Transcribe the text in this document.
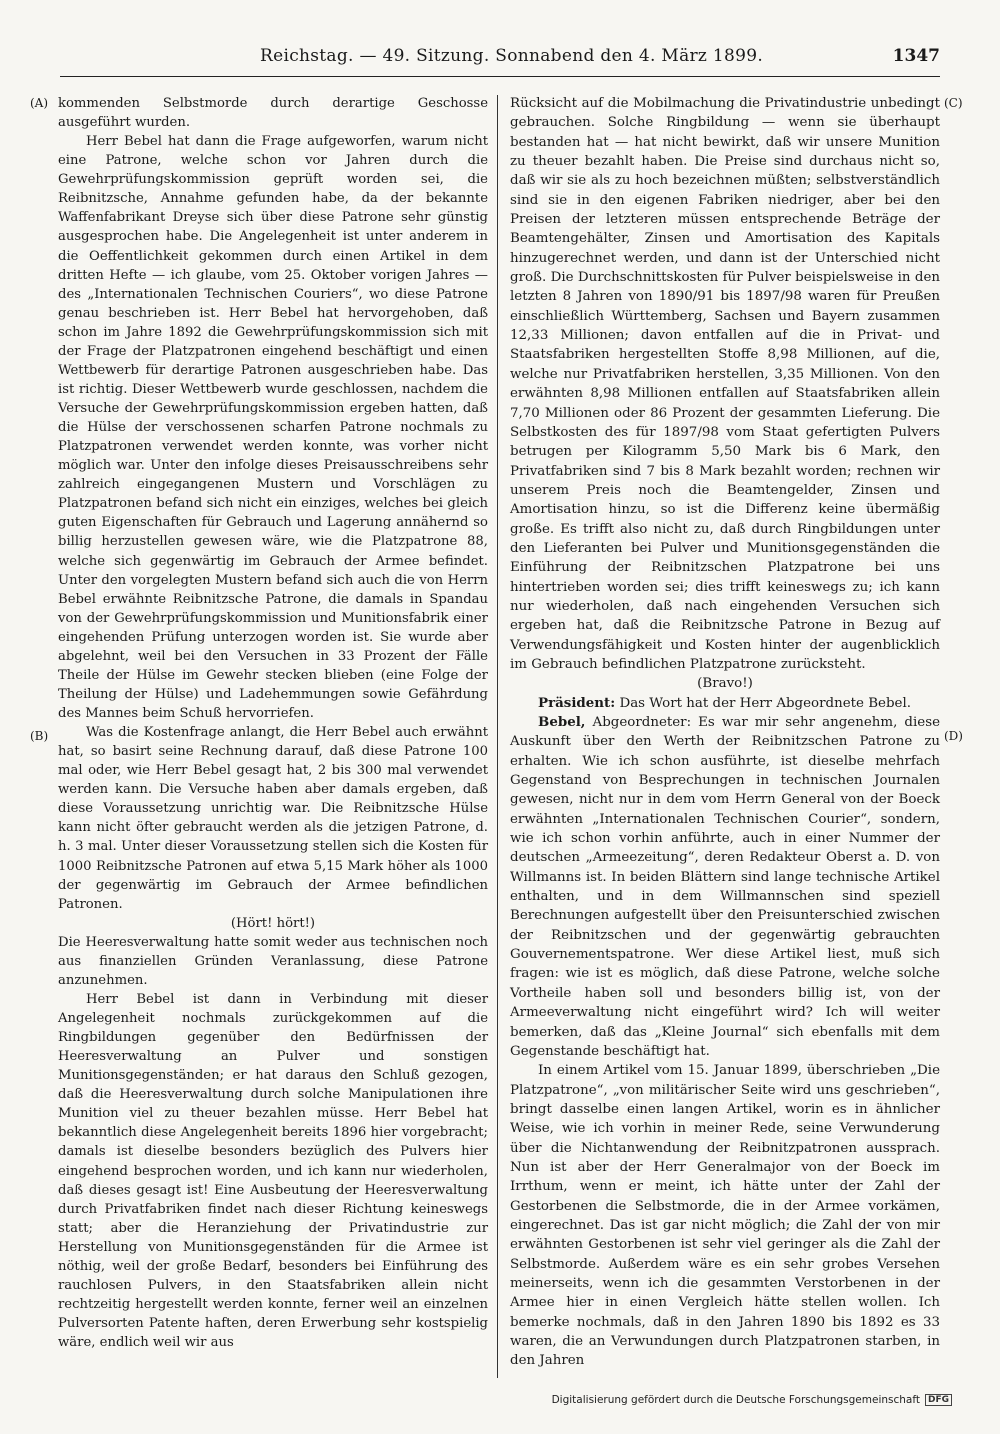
Reichstag. — 49. Sitzung. Sonnabend den 4. März 1899.	1347
(A)
(B)
(C)
(D)

kommenden Selbstmorde durch derartige Geschosse ausgeführt wurden.

Herr Bebel hat dann die Frage aufgeworfen, warum nicht eine Patrone, welche schon vor Jahren durch die Gewehrprüfungskommission geprüft worden sei, die Reibnitzsche, Annahme gefunden habe, da der bekannte Waffenfabrikant Dreyse sich über diese Patrone sehr günstig ausgesprochen habe. Die Angelegenheit ist unter anderem in die Oeffentlichkeit gekommen durch einen Artikel in dem dritten Hefte — ich glaube, vom 25. Oktober vorigen Jahres — des „Internationalen Technischen Couriers“, wo diese Patrone genau beschrieben ist. Herr Bebel hat hervorgehoben, daß schon im Jahre 1892 die Gewehrprüfungskommission sich mit der Frage der Platzpatronen eingehend beschäftigt und einen Wettbewerb für derartige Patronen ausgeschrieben habe. Das ist richtig. Dieser Wettbewerb wurde geschlossen, nachdem die Versuche der Gewehrprüfungskommission ergeben hatten, daß die Hülse der verschossenen scharfen Patrone nochmals zu Platzpatronen verwendet werden konnte, was vorher nicht möglich war. Unter den infolge dieses Preisausschreibens sehr zahlreich eingegangenen Mustern und Vorschlägen zu Platzpatronen befand sich nicht ein einziges, welches bei gleich guten Eigenschaften für Gebrauch und Lagerung annähernd so billig herzustellen gewesen wäre, wie die Platzpatrone 88, welche sich gegenwärtig im Gebrauch der Armee befindet. Unter den vorgelegten Mustern befand sich auch die von Herrn Bebel erwähnte Reibnitzsche Patrone, die damals in Spandau von der Gewehrprüfungskommission und Munitionsfabrik einer eingehenden Prüfung unterzogen worden ist. Sie wurde aber abgelehnt, weil bei den Versuchen in 33 Prozent der Fälle Theile der Hülse im Gewehr stecken blieben (eine Folge der Theilung der Hülse) und Ladehemmungen sowie Gefährdung des Mannes beim Schuß hervorriefen.

Was die Kostenfrage anlangt, die Herr Bebel auch erwähnt hat, so basirt seine Rechnung darauf, daß diese Patrone 100 mal oder, wie Herr Bebel gesagt hat, 2 bis 300 mal verwendet werden kann. Die Versuche haben aber damals ergeben, daß diese Voraussetzung unrichtig war. Die Reibnitzsche Hülse kann nicht öfter gebraucht werden als die jetzigen Patrone, d. h. 3 mal. Unter dieser Voraussetzung stellen sich die Kosten für 1000 Reibnitzsche Patronen auf etwa 5,15 Mark höher als 1000 der gegenwärtig im Gebrauch der Armee befindlichen Patronen.

(Hört! hört!)

Die Heeresverwaltung hatte somit weder aus technischen noch aus finanziellen Gründen Veranlassung, diese Patrone anzunehmen.

Herr Bebel ist dann in Verbindung mit dieser Angelegenheit nochmals zurückgekommen auf die Ringbildungen gegenüber den Bedürfnissen der Heeresverwaltung an Pulver und sonstigen Munitionsgegenständen; er hat daraus den Schluß gezogen, daß die Heeresverwaltung durch solche Manipulationen ihre Munition viel zu theuer bezahlen müsse. Herr Bebel hat bekanntlich diese Angelegenheit bereits 1896 hier vorgebracht; damals ist dieselbe besonders bezüglich des Pulvers hier eingehend besprochen worden, und ich kann nur wiederholen, daß dieses gesagt ist! Eine Ausbeutung der Heeresverwaltung durch Privatfabriken findet nach dieser Richtung keineswegs statt; aber die Heranziehung der Privatindustrie zur Herstellung von Munitionsgegenständen für die Armee ist nöthig, weil der große Bedarf, besonders bei Einführung des rauchlosen Pulvers, in den Staatsfabriken allein nicht rechtzeitig hergestellt werden konnte, ferner weil an einzelnen Pulversorten Patente haften, deren Erwerbung sehr kostspielig wäre, endlich weil wir aus

Rücksicht auf die Mobilmachung die Privatindustrie unbedingt gebrauchen. Solche Ringbildung — wenn sie überhaupt bestanden hat — hat nicht bewirkt, daß wir unsere Munition zu theuer bezahlt haben. Die Preise sind durchaus nicht so, daß wir sie als zu hoch bezeichnen müßten; selbstverständlich sind sie in den eigenen Fabriken niedriger, aber bei den Preisen der letzteren müssen entsprechende Beträge der Beamtengehälter, Zinsen und Amortisation des Kapitals hinzugerechnet werden, und dann ist der Unterschied nicht groß. Die Durchschnittskosten für Pulver beispielsweise in den letzten 8 Jahren von 1890/91 bis 1897/98 waren für Preußen einschließlich Württemberg, Sachsen und Bayern zusammen 12,33 Millionen; davon entfallen auf die in Privat- und Staatsfabriken hergestellten Stoffe 8,98 Millionen, auf die, welche nur Privatfabriken herstellen, 3,35 Millionen. Von den erwähnten 8,98 Millionen entfallen auf Staatsfabriken allein 7,70 Millionen oder 86 Prozent der gesammten Lieferung. Die Selbstkosten des für 1897/98 vom Staat gefertigten Pulvers betrugen per Kilogramm 5,50 Mark bis 6 Mark, den Privatfabriken sind 7 bis 8 Mark bezahlt worden; rechnen wir unserem Preis noch die Beamtengelder, Zinsen und Amortisation hinzu, so ist die Differenz keine übermäßig große. Es trifft also nicht zu, daß durch Ringbildungen unter den Lieferanten bei Pulver und Munitionsgegenständen die Einführung der Reibnitzschen Platzpatrone bei uns hintertrieben worden sei; dies trifft keineswegs zu; ich kann nur wiederholen, daß nach eingehenden Versuchen sich ergeben hat, daß die Reibnitzsche Patrone in Bezug auf Verwendungsfähigkeit und Kosten hinter der augenblicklich im Gebrauch befindlichen Platzpatrone zurücksteht.

(Bravo!)

Präsident: Das Wort hat der Herr Abgeordnete Bebel.

Bebel, Abgeordneter: Es war mir sehr angenehm, diese Auskunft über den Werth der Reibnitzschen Patrone zu erhalten. Wie ich schon ausführte, ist dieselbe mehrfach Gegenstand von Besprechungen in technischen Journalen gewesen, nicht nur in dem vom Herrn General von der Boeck erwähnten „Internationalen Technischen Courier“, sondern, wie ich schon vorhin anführte, auch in einer Nummer der deutschen „Armeezeitung“, deren Redakteur Oberst a. D. von Willmanns ist. In beiden Blättern sind lange technische Artikel enthalten, und in dem Willmannschen sind speziell Berechnungen aufgestellt über den Preisunterschied zwischen der Reibnitzschen und der gegenwärtig gebrauchten Gouvernementspatrone. Wer diese Artikel liest, muß sich fragen: wie ist es möglich, daß diese Patrone, welche solche Vortheile haben soll und besonders billig ist, von der Armeeverwaltung nicht eingeführt wird? Ich will weiter bemerken, daß das „Kleine Journal“ sich ebenfalls mit dem Gegenstande beschäftigt hat.

In einem Artikel vom 15. Januar 1899, überschrieben „Die Platzpatrone“, „von militärischer Seite wird uns geschrieben“, bringt dasselbe einen langen Artikel, worin es in ähnlicher Weise, wie ich vorhin in meiner Rede, seine Verwunderung über die Nichtanwendung der Reibnitzpatronen aussprach. Nun ist aber der Herr Generalmajor von der Boeck im Irrthum, wenn er meint, ich hätte unter der Zahl der Gestorbenen die Selbstmorde, die in der Armee vorkämen, eingerechnet. Das ist gar nicht möglich; die Zahl der von mir erwähnten Gestorbenen ist sehr viel geringer als die Zahl der Selbstmorde. Außerdem wäre es ein sehr grobes Versehen meinerseits, wenn ich die gesammten Verstorbenen in der Armee hier in einen Vergleich hätte stellen wollen. Ich bemerke nochmals, daß in den Jahren 1890 bis 1892 es 33 waren, die an Verwundungen durch Platzpatronen starben, in den Jahren

Digitalisierung gefördert durch die Deutsche Forschungsgemeinschaft DFG
